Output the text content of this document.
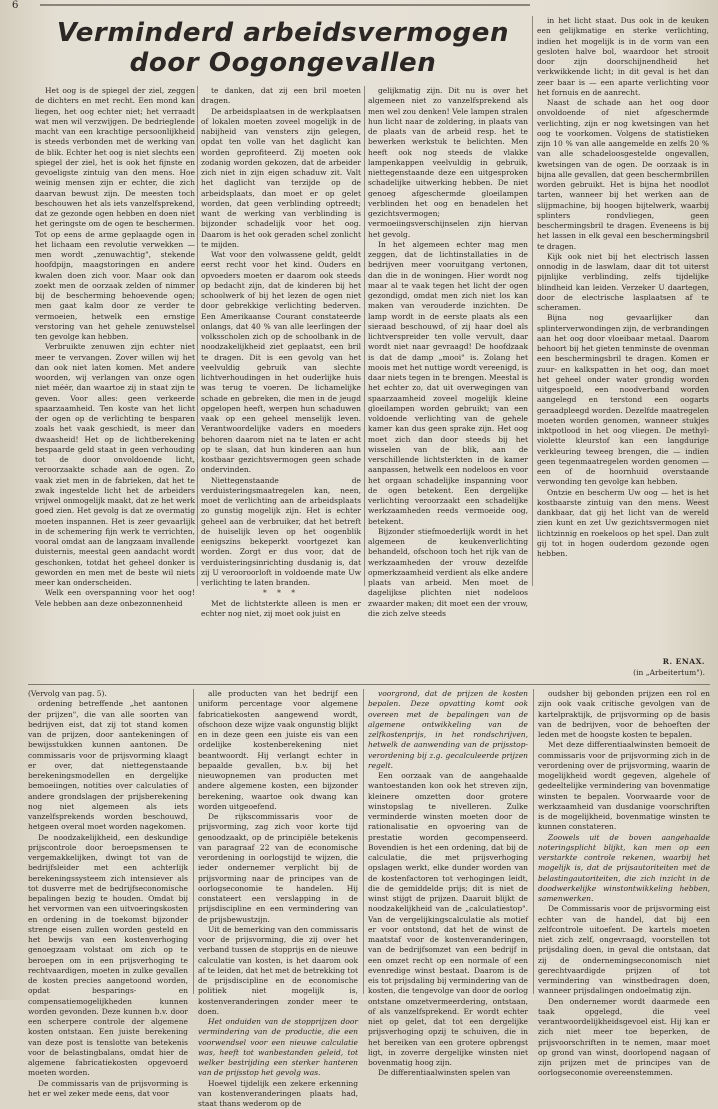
6
Verminderd arbeidsvermogen
door Oogongevallen

Het oog is de spiegel der ziel, zeggen de dichters en met recht. Een mond kan liegen, het oog echter niet; het verraadt wat men wil verzwijgen. De bedrieglende macht van een krachtige persoonlijkheid is steeds verbonden met de werking van de blik. Echter het oog is niet slechts een spiegel der ziel, het is ook het fijnste en gevoeligste zintuig van den mens. Hoe weinig mensen zijn er echter, die zich daarvan bewust zijn. De meesten toch beschouwen het als iets vanzelfsprekend, dat ze gezonde ogen hebben en doen niet het geringste om de ogen te beschermen. Tot op eens de arme geplaagde ogen in het lichaam een revolutie verwekken — men wordt „zenuwachtig", stekende hoofdpijn, maagstoringen en andere kwalen doen zich voor. Maar ook dan zoekt men de oorzaak zelden of nimmer bij de bescherming behoevende ogen; men gaat kalm door ze verder te vermoeien, hetwelk een ernstige verstoring van het gehele zenuwstelsel ten gevolge kan hebben.

Verbruikte zenuwen zijn echter niet meer te vervangen. Zover willen wij het dan ook niet laten komen. Met andere woorden, wij verlangen van onze ogen niet méér, dan waartoe zij in staat zijn te geven. Voor alles: geen verkeerde spaarzaamheid. Ten koste van het licht der ogen op de verlichting te besparen zoals het vaak geschiedt, is meer dan dwaasheid! Het op de lichtberekening bespaarde geld staat in geen verhouding tot de door onvoldoende licht, veroorzaakte schade aan de ogen. Zo vaak ziet men in de fabrieken, dat het te zwak ingestelde licht het de arbeiders vrijwel onmogelijk maakt, dat ze het werk goed zien. Het gevolg is dat ze overmatig moeten inspannen. Het is zeer gevaarlijk in de schemering fijn werk te verrichten, vooral omdat aan de langzaam invallende duisternis, meestal geen aandacht wordt geschonken, totdat het geheel donker is geworden en men met de beste wil niets meer kan onderscheiden.

Welk een overspanning voor het oog! Vele hebben aan deze onbezonnenheid

te danken, dat zij een bril moeten dragen.

De arbeidsplaatsen in de werkplaatsen of lokalen moeten zoveel mogelijk in de nabijheid van vensters zijn gelegen, opdat ten volle van het daglicht kan worden geprofiteerd. Zij moeten ook zodanig worden gekozen, dat de arbeider zich niet in zijn eigen schaduw zit. Valt het daglicht van terzijde op de arbeidsplaats, dan moet er op gelet worden, dat geen verblinding optreedt; want de werking van verblinding is bijzonder schadelijk voor het oog. Daarom is het ook geraden schel zonlicht te mijden.

Wat voor den volwassene geldt, geldt eerst recht voor het kind. Ouders en opvoeders moeten er daarom ook steeds op bedacht zijn, dat de kinderen bij het schoolwerk of bij het lezen de ogen niet door gebrekkige verlichting bederven. Een Amerikaanse Courant constateerde onlangs, dat 40 % van alle leerlingen der volksscholen zich op de schoolbank in de noodzakelijkheid ziet geplaatst, een bril te dragen. Dit is een gevolg van het veelvuldig gebruik van slechte lichtverhoudingen in het ouderlijke huis was terug te voeren. De lichamelijke schade en gebreken, die men in de jeugd opgelopen heeft, werpen hun schaduwen vaak op een geheel menselijk leven. Verantwoordelijke vaders en moeders behoren daarom niet na te laten er acht op te slaan, dat hun kinderen aan hun kostbaar gezichtsvermogen geen schade ondervinden.

Niettegenstaande de verduisteringsmaatregelen kan, neen, moet de verlichting aan de arbeidsplaats zo gunstig mogelijk zijn. Het is echter geheel aan de verbruiker, dat het betreft de huiselijk leven op het oogenblik eenigszins bekeperkt voortgezet kan worden. Zorgt er dus voor, dat de verduisteringsinrichting dusdanig is, dat zij U verooroorloft in voldoende mate Uw verlichting te laten branden.

* * *

Met de lichtsterkte alleen is men er echter nog niet, zij moet ook juist en

gelijkmatig zijn. Dit nu is over het algemeen niet zo vanzelfsprekend als men wel zou denken! Vele lampen stralen hun licht naar de zoldering, in plaats van de plaats van de arbeid resp. het te bewerken werkstuk te belichten. Men heeft ook nog steeds de vlakke lampenkappen veelvuldig in gebruik, niettegenstaande deze een uitgesproken schadelijke uitwerking hebben. De niet genoeg afgeschermde gloeilampen verblinden het oog en benadelen het gezichtsvermogen; vermoeiingsverschijnselen zijn hiervan het gevolg.

In het algemeen echter mag men zeggen, dat de lichtinstallaties in de bedrijven meer vooruitgang vertonen, dan die in de woningen. Hier wordt nog maar al te vaak tegen het licht der ogen gezondigd, omdat men zich niet los kan maken van verouderde inzichten. De lamp wordt in de eerste plaats als een sieraad beschouwd, of zij haar doel als lichtverspreider ten volle vervult, daar wordt niet naar gevraagd! De hoofdzaak is dat de damp „mooi" is. Zolang het moois met het nuttige wordt vereenigd, is daar niets tegen in te brengen. Meestal is het echter zo, dat uit overwegingen van spaarzaamheid zoveel mogelijk kleine gloeilampen worden gebruikt; van een voldoende verlichting van de gehele kamer kan dus geen sprake zijn. Het oog moet zich dan door steeds bij het wisselen van de blik, aan de verschillende lichtsterkten in de kamer aanpassen, hetwelk een nodeloos en voor het orgaan schadelijke inspanning voor de ogen betekent. Een dergelijke verlichting veroorzaakt een schadelijke werkzaamheden reeds vermoeide oog, betekent.

Bijzonder stiefmoederlijk wordt in het algemeen de keukenverlichting behandeld, ofschoon toch het rijk van de werkzaamheden der vrouw dezelfde opmerkzaamheid verdient als elke andere plaats van arbeid. Men moet de dagelijkse plichten niet nodeloos zwaarder maken; dit moet een der vrouw, die zich zelve steeds

in het licht staat. Dus ook in de keuken een gelijkmatige en sterke verlichting, indien het mogelijk is in de vorm van een gesloten halve bol, waardoor het strooit door zijn doorschijnendheid het verkwikkende licht; in dit geval is het dan zeer baar is — een aparte verlichting voor het fornuis en de aanrecht.

Naast de schade aan het oog door onvoldoende of niet afgeschermde verlichting, zijn er nog kwetsingen van het oog te voorkomen. Volgens de statistieken zijn 10 % van alle aangemelde en zelfs 20 % van alle schadeloosgestelde ongevallen, kwetsingen van de ogen. De oorzaak is in bijna alle gevallen, dat geen beschermbrillen worden gebruikt. Het is bijna het noodlot tarten, wanneer bij het werken aan de slijpmachine, bij hoogen bijtelwerk, waarbij splinters rondvliegen, geen beschermingsbril te dragen. Eveneens is bij het lassen in elk geval een beschermingsbril te dragen.

Kijk ook niet bij het electrisch lassen onnodig in de laswlam, daar dit tot uiterst pijnlijke verblinding, zelfs tijdelijke blindheid kan leiden. Verzeker U daartegen, door de electrische lasplaatsen af te scheramen.

Bijna nog gevaarlijker dan splinterverwondingen zijn, de verbrandingen aan het oog door vloeibaar metaal. Daarom behoort bij het gieten tenminste de ovenman een beschermingsbril te dragen. Komen er zuur- en kalkspatten in het oog, dan moet het geheel onder water grondig worden uitgespoeld, een noodverband worden aangelegd en terstond een oogarts geraadpleegd worden. Dezelfde maatregelen moeten worden genomen, wanneer stukjes inktpotlood in het oog vliegen. De methyl-violette kleurstof kan een langdurige verkleuring teweeg brengen, die — indien geen tegenmaatregelen worden genomen — een of de hoornhuid overstaande verwonding ten gevolge kan hebben.

Ontzie en bescherm Uw oog — het is het kostbaarste zintuig van den mens. Weest dankbaar, dat gij het licht van de wereld zien kunt en zet Uw gezichtsvermogen niet lichtzinnig en roekeloos op het spel. Dan zult gij tot in hogen ouderdom gezonde ogen hebben.

R. ENAX.
(in „Arbeitertum").

(Vervolg van pag. 5).

ordening betreffende „het aantonen der prijzen", die van alle soorten van bedrijven eist, dat zij tot stand komen van de prijzen, door aantekeningen of bewijsstukken kunnen aantonen. De commissaris voor de prijsvorming klaagt er over, dat niettegenstaande berekeningsmodellen en dergelijke bemoeiingen, notities over calculaties of andere grondslagen der prijsberekening nog niet algemeen als iets vanzelfsprekends worden beschouwd, hetgeen overal moet worden nagekomen.

De noodzakelijkheid, een deskundige prijscontrole door beroepsmensen te vergemakkelijken, dwingt tot van de bedrijfsleider met een achterlijk berekeningssysteem zich intensiever als tot dusverre met de bedrijfseconomische bepalingen bezig te houden. Omdat bij het vervormen van een uitvoeringskosten en ordening in de toekomst bijzonder strenge eisen zullen worden gesteld en het bewijs van een kostenverhoging genoegzaam volstaat om zich op te beroepen om in een prijsverhoging te rechtvaardigen, moeten in zulke gevallen de kosten precies aangetoond worden, opdat besparings- en compensatiemogelijkheden kunnen worden gevonden. Deze kunnen b.v. door een scherpere controle der algemene kosten ontstaan. Een juiste berekening van deze post is tenslotte van betekenis voor de belastingbalans, omdat hier de algemene fabricatiekosten opgevoerd moeten worden.

De commissaris van de prijsvorming is het er wel zeker mede eens, dat voor

alle producten van het bedrijf een uniform percentage voor algemene fabricatiekosten aangewend wordt, ofschoon deze wijze vaak ongunstig blijkt en in deze geen een juiste eis van een ordelijke kostenberekening niet beantwoordt. Hij verlangt echter in bepaalde gevallen, b.v. bij het nieuwopnemen van producten met andere algemene kosten, een bijzonder berekening, waartoe ook dwang kan worden uitgeoefend.

De rijkscommissaris voor de prijsvorming, zag zich voor korte tijd genoodzaakt, op de principiële betekenis van paragraaf 22 van de economische verordening in oorlogstijd te wijzen, die ieder ondernemer verplicht bij de prijsvorming naar de principes van de oorlogseconomie te handelen. Hij constateert een verslapping in de prijsdiscipline en een vermindering van de prijsbewustzijn.

Uit de bemerking van den commissaris voor de prijsvorming, die zij over het verband tussen de stopprijs en de nieuwe calculatie van kosten, is het daarom ook af te leiden, dat het met de betrekking tot de prijsdiscipline en de economische politiek niet mogelijk is, kostenveranderingen zonder meer te doen.

Het onduiden van de stopprijzen door vermindering van de productie, die een voorwendsel voor een nieuwe calculatie was, heeft tot wanbestanden geleid, tot welker bestrijding een sterker hanteren van de prijsstop het gevolg was.

Hoewel tijdelijk een zekere erkenning van kostenveranderingen plaats had, staat thans wederom op de

voorgrond, dat de prijzen de kosten bepalen. Deze opvatting komt ook overeen met de bepalingen van de algemene ontwikkeling van de zelfkostenprijs, in het rondschrijven, hetwelk de aanwending van de prijsstop-verordening bij z.g. gecalculeerde prijzen regelt.

Een oorzaak van de aangehaalde wantoestanden kon ook het streven zijn, kleinere omzetten door grotere winstopslag te nivelleren. Zulke verminderde winsten moeten door de rationalisatie en opvoering van de prestatie worden gecompenseerd. Bovendien is het een ordening, dat bij de calculatie, die met prijsverhoging opslagen werkt, elke dunder worden van de kostenfactoren tot verhogingen leidt, die de gemiddelde prijs; dit is niet de winst stijgt de prijzen. Daaruit blijkt de noodzakelijkheid van de „calculatiestop". Van de vergelijkingscalculatie als motief er voor ontstond, dat het de winst de maatstaf voor de kostenveranderingen, van de bedrijfsomzet van een bedrijf in een omzet recht op een normale of een evenredige winst bestaat. Daarom is de eis tot prijsdaling bij vermindering van de kosten, die tengevolge van door de oorlog ontstane omzetvermeerdering, ontstaan, of als vanzelfsprekend. Er wordt echter niet op gelet, dat tot een dergelijke prijsverhoging opzij te schuiven, die in het bereiken van een grotere opbrengst ligt, in zoverre dergelijke winsten niet bovenmatig hoog zijn.

De differentiaalwinsten spelen van

oudsher bij gebonden prijzen een rol en zijn ook vaak critische gevolgen van de kartelpraktijk, de prijsvorming op de basis van de bedrijven, voor de behoeften der leden met de hoogste kosten te bepalen.

Met deze differentiaalwinsten bemoeit de commissaris voor de prijsvorming zich in de verordening over de prijsvorming, waarin de mogelijkheid wordt gegeven, algehele of gedeeltelijke vermindering van bovenmatige winsten te bepalen. Voorwaarde voor de werkzaamheid van dusdanige voorschriften is de mogelijkheid, bovenmatige winsten te kunnen constateren.

Zoowels uit de boven aangehaalde noteringsplicht blijkt, kan men op een verstarkte controle rekenen, waarbij het mogelijk is, dat de prijsautoriteiten met de belastingautoriteiten, die zich inzicht in de doodwerkelijke winstontwikkeling hebben, samenwerken.

De Commissaris voor de prijsvorming eist echter van de handel, dat bij een zelfcontrole uitoefent. De kartels moeten niet zich zelf, ongevraagd, voorstellen tot prijsdaling doen, in geval die ontstaan, dat zij de ondernemingseconomisch niet gerechtvaardigde prijzen of tot vermindering van winstbedragen doen, wanneer prijsdalingen ondoelmatig zijn.

Den ondernemer wordt daarmede een taak opgelegd, die veel verantwoordelijkheidsgevoel eist. Hij kan er zich niet meer toe beperken, de prijsvoorschriften in te nemen, maar moet op grond van winst, doorlopend nagaan of zijn prijzen met de principes van de oorlogseconomie overeenstemmen.
